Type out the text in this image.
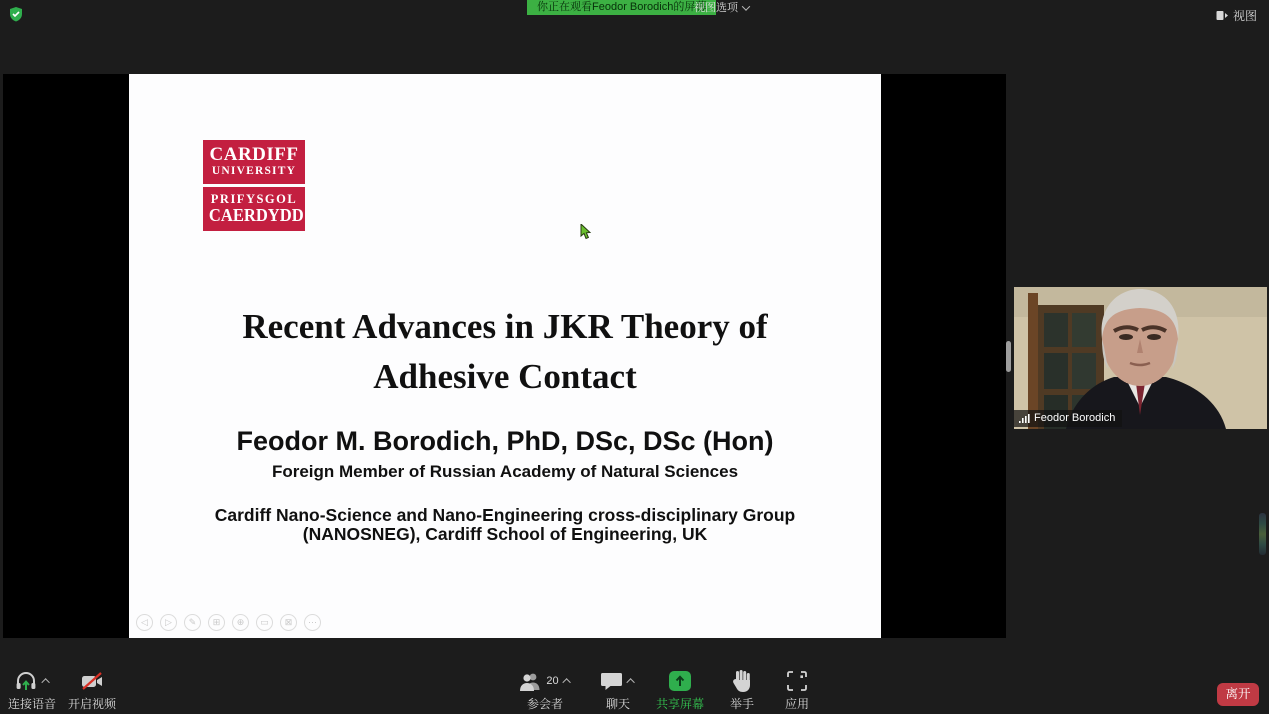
你正在观看Feodor Borodich的屏幕
视图选项
视图
CARDIFF
UNIVERSITY
PRIFYSGOL
CAERDYDD
Recent Advances in JKR Theory of
Adhesive Contact
Feodor M. Borodich, PhD, DSc, DSc (Hon)
Foreign Member of Russian Academy of Natural Sciences
Cardiff Nano-Science and Nano-Engineering cross-disciplinary Group
(NANOSNEG), Cardiff School of Engineering, UK
◁	▷	✎	⊞	⊕	▭	⊠	⋯
Feodor Borodich
连接语音 开启视频
20
参会者	聊天	共享屏幕	举手	应用
离开
